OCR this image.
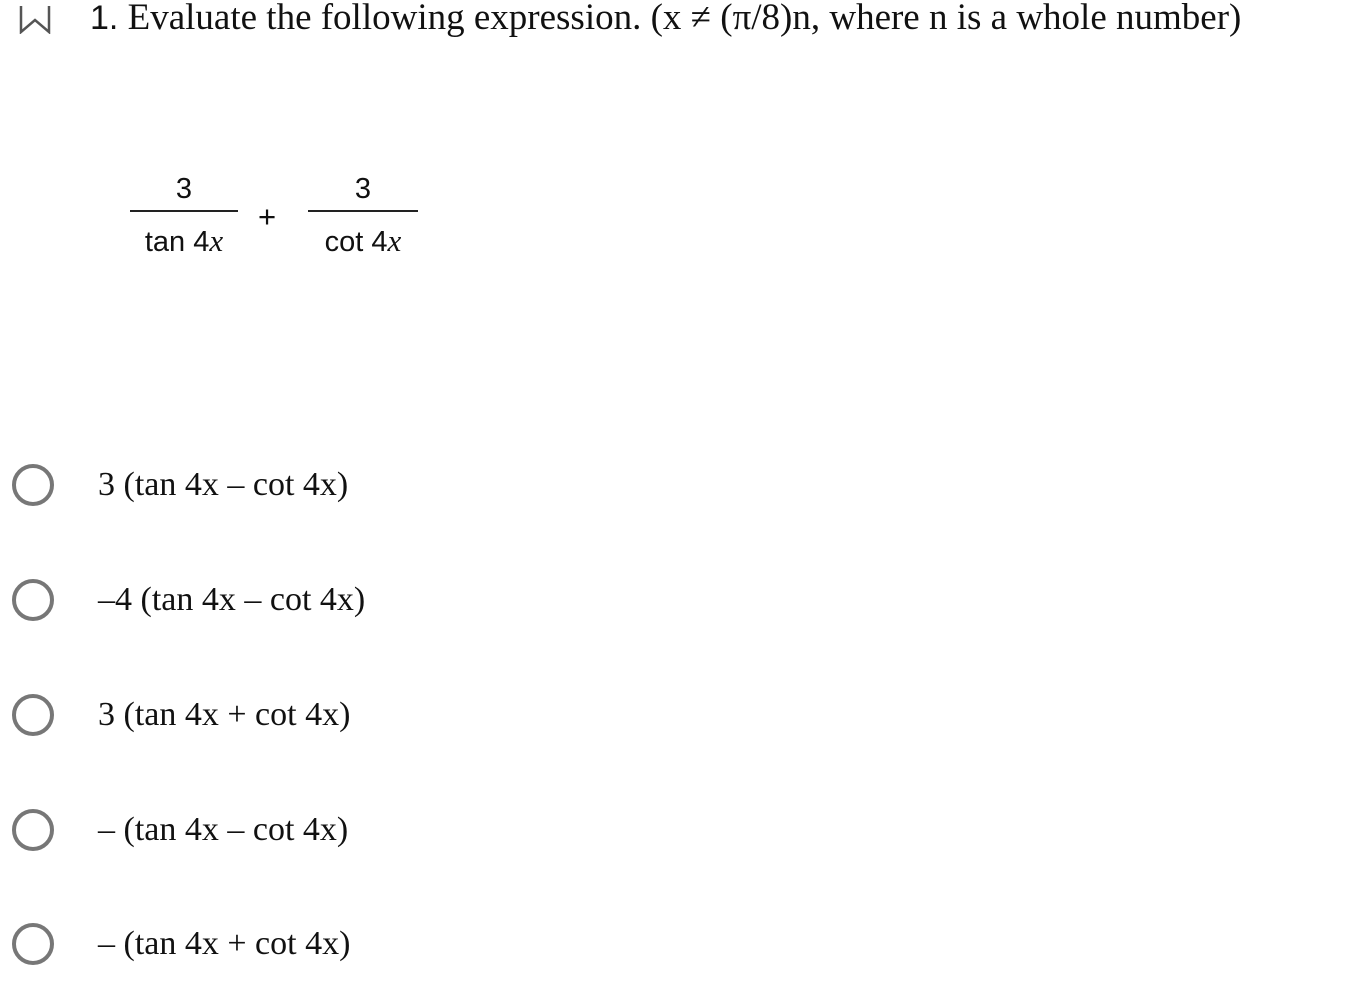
1. Evaluate the following expression. (x ≠ (π/8)n, where n is a whole number)
3
tan 4x
+
3
cot 4x
3 (tan 4x – cot 4x)
–4 (tan 4x – cot 4x)
3 (tan 4x + cot 4x)
– (tan 4x – cot 4x)
– (tan 4x + cot 4x)
